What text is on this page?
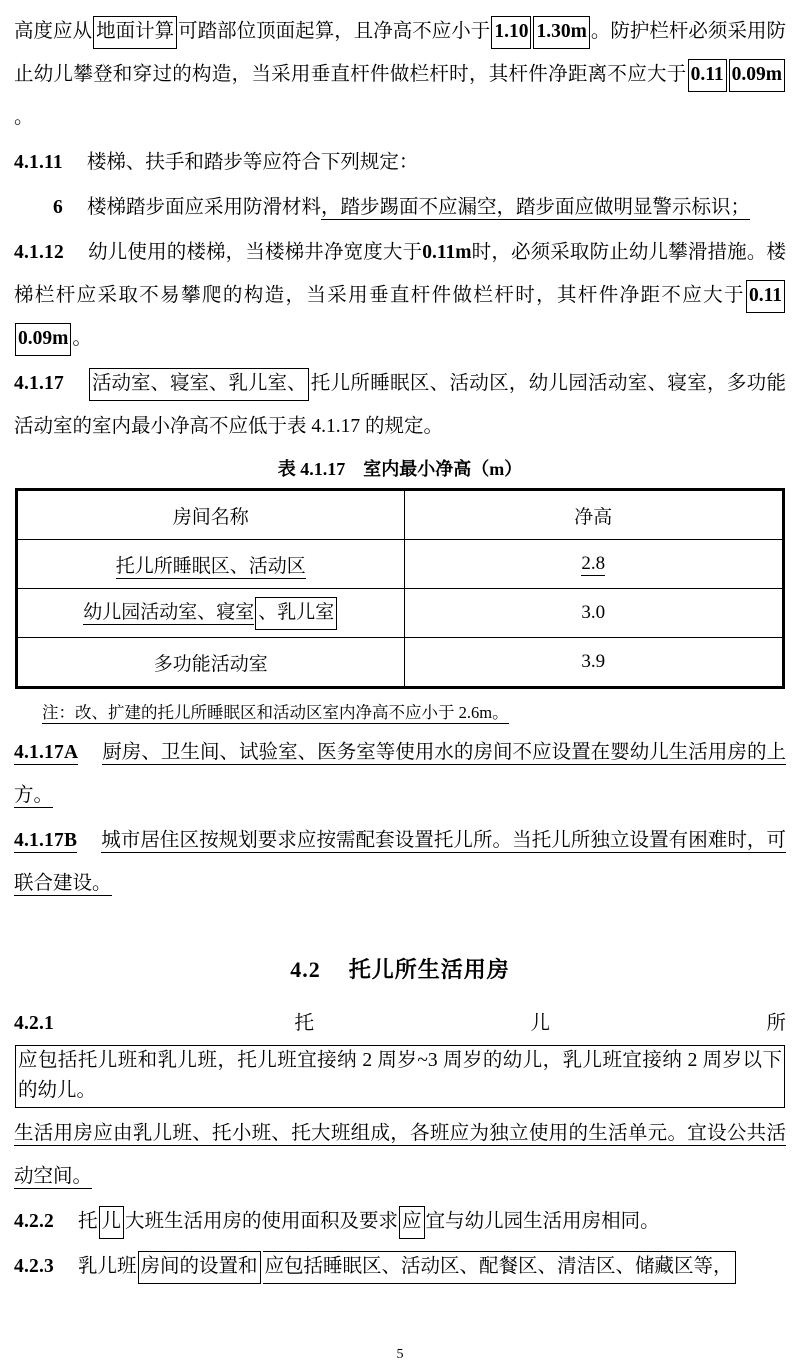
高度应从 地面计算 可踏部位顶面起算，且净高不应小于 1.10 1.30m 。防护栏杆必须采用防止幼儿攀登和穿过的构造，当采用垂直杆件做栏杆时，其杆件净距离不应大于 0.11 0.09m。

4.1.11 楼梯、扶手和踏步等应符合下列规定：

6 楼梯踏步面应采用防滑材料，踏步踢面不应漏空，踏步面应做明显警示标识；

4.1.12 幼儿使用的楼梯，当楼梯井净宽度大于0.11m时，必须采取防止幼儿攀滑措施。楼梯栏杆应采取不易攀爬的构造，当采用垂直杆件做栏杆时，其杆件净距不应大于 0.110.09m 。

4.1.17 活动室、寝室、乳儿室、 托儿所睡眠区、活动区，幼儿园活动室、寝室，多功能活动室的室内最小净高不应低于表 4.1.17 的规定。

表 4.1.17　室内最小净高（m）
房间名称	净高
托儿所睡眠区、活动区	2.8
幼儿园活动室、寝室 、乳儿室	3.0
多功能活动室	3.9
注：改、扩建的托儿所睡眠区和活动区室内净高不应小于 2.6m。

4.1.17A 厨房、卫生间、试验室、医务室等使用水的房间不应设置在婴幼儿生活用房的上方。

4.1.17B 城市居住区按规划要求应按需配套设置托儿所。当托儿所独立设置有困难时，可联合建设。

4.2 托儿所生活用房

4.2.1 托儿所应包括托儿班和乳儿班，托儿班宜接纳 2 周岁~3 周岁的幼儿，乳儿班宜接纳 2 周岁以下的幼儿。生活用房应由乳儿班、托小班、托大班组成，各班应为独立使用的生活单元。宜设公共活动空间。

4.2.2 托 儿 大班生活用房的使用面积及要求 应 宜与幼儿园生活用房相同。

4.2.3 乳儿班 房间的设置和 应包括睡眠区、活动区、配餐区、清洁区、储藏区等，

5
